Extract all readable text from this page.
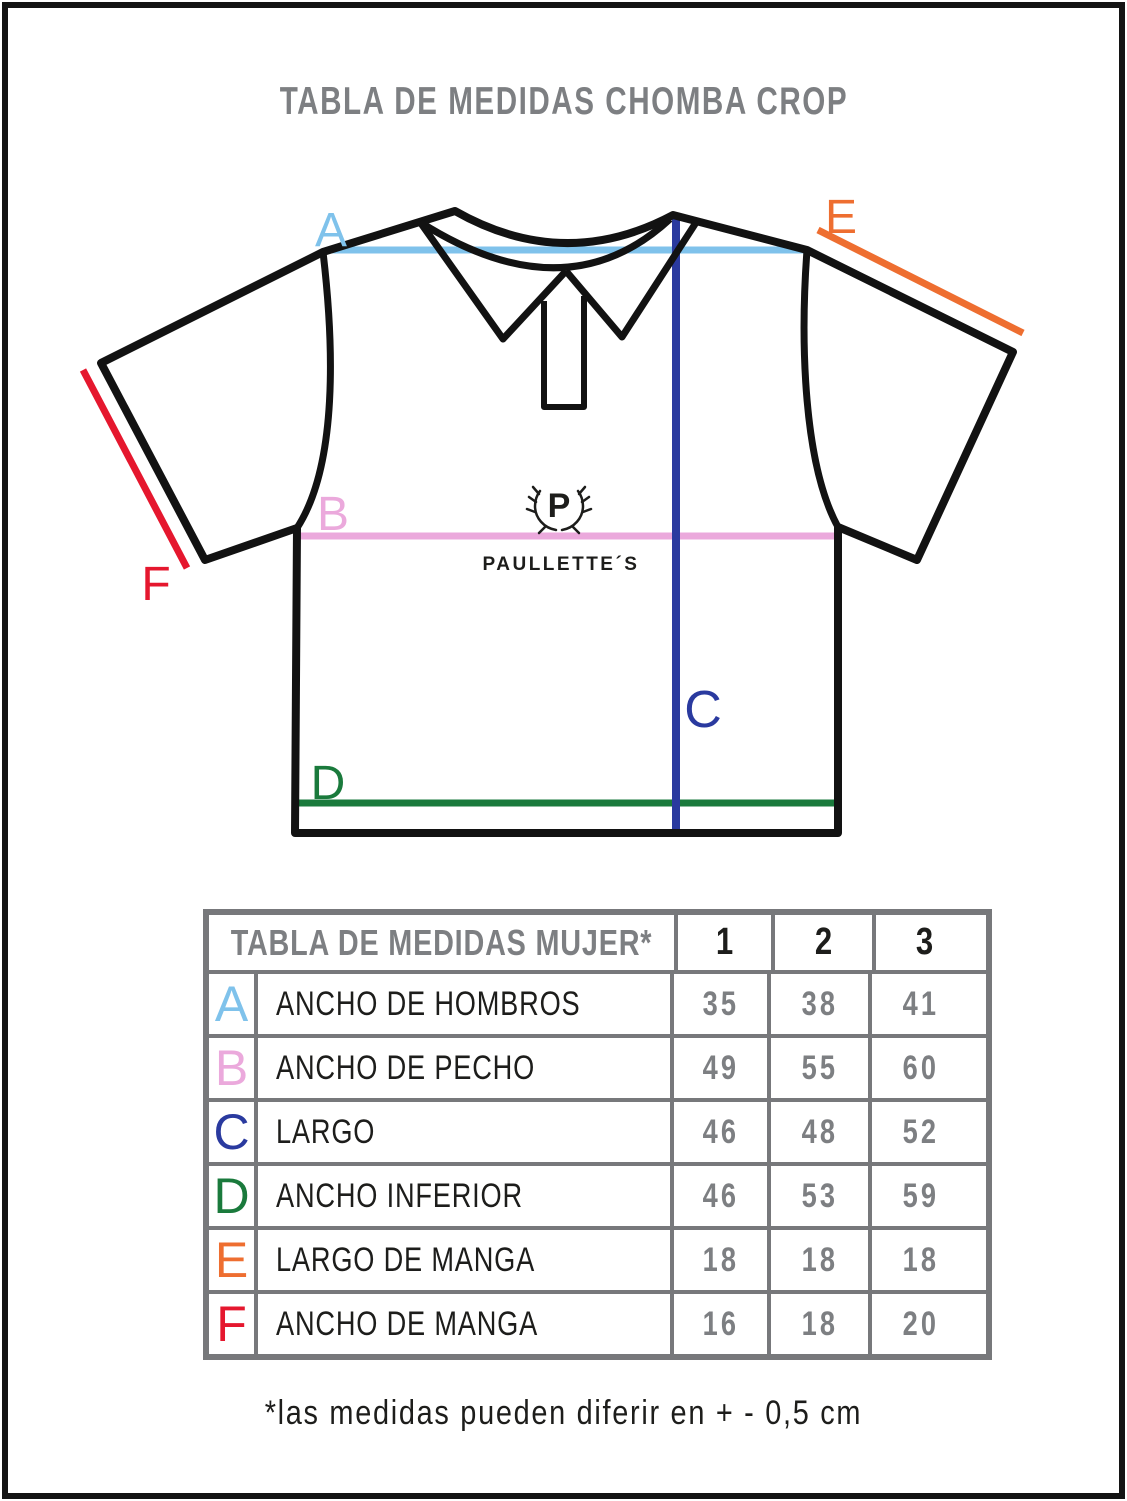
TABLA DE MEDIDAS CHOMBA CROP
A
B
C
D
E
F
P
PAULLETTE´S
TABLA DE MEDIDAS MUJER* 1 2 3
A ANCHO DE HOMBROS	35 38 41
B ANCHO DE PECHO	49 55 60
C LARGO	46 48 52
D ANCHO INFERIOR	46 53 59
E LARGO DE MANGA	18 18 18
F ANCHO DE MANGA	16 18 20
*las medidas pueden diferir en + - 0,5 cm
